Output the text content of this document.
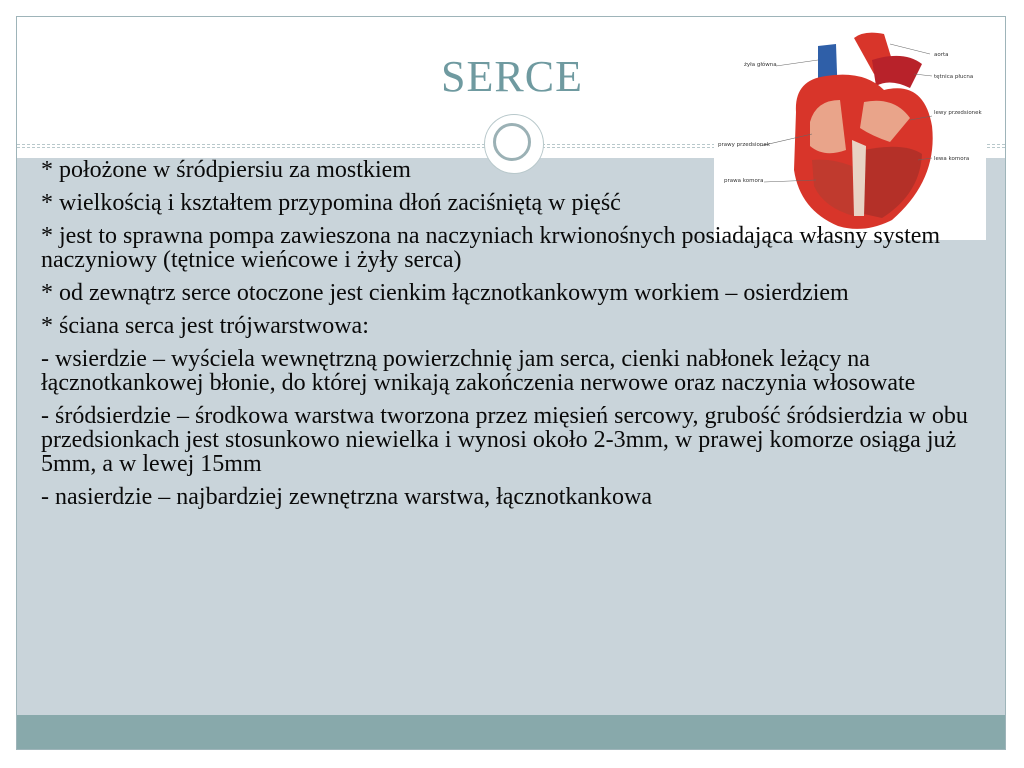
SERCE	żyła główna
aorta
tętnica płucna
lewy przedsionek
prawy przedsionek
lewa komora
prawa komora

* położone w śródpiersiu za mostkiem

* wielkością i kształtem przypomina dłoń zaciśniętą w pięść

* jest to sprawna pompa zawieszona na naczyniach krwionośnych posiadająca własny system naczyniowy (tętnice wieńcowe i żyły serca)

* od zewnątrz serce otoczone jest cienkim łącznotkankowym workiem – osierdziem

* ściana serca jest trójwarstwowa:

- wsierdzie – wyściela wewnętrzną powierzchnię jam serca, cienki nabłonek leżący na łącznotkankowej błonie, do której wnikają zakończenia nerwowe oraz naczynia włosowate

- śródsierdzie – środkowa warstwa tworzona przez mięsień sercowy, grubość śródsierdzia w obu przedsionkach jest stosunkowo niewielka i wynosi około 2-3mm, w prawej komorze osiąga już 5mm, a w lewej 15mm

- nasierdzie – najbardziej zewnętrzna warstwa, łącznotkankowa
